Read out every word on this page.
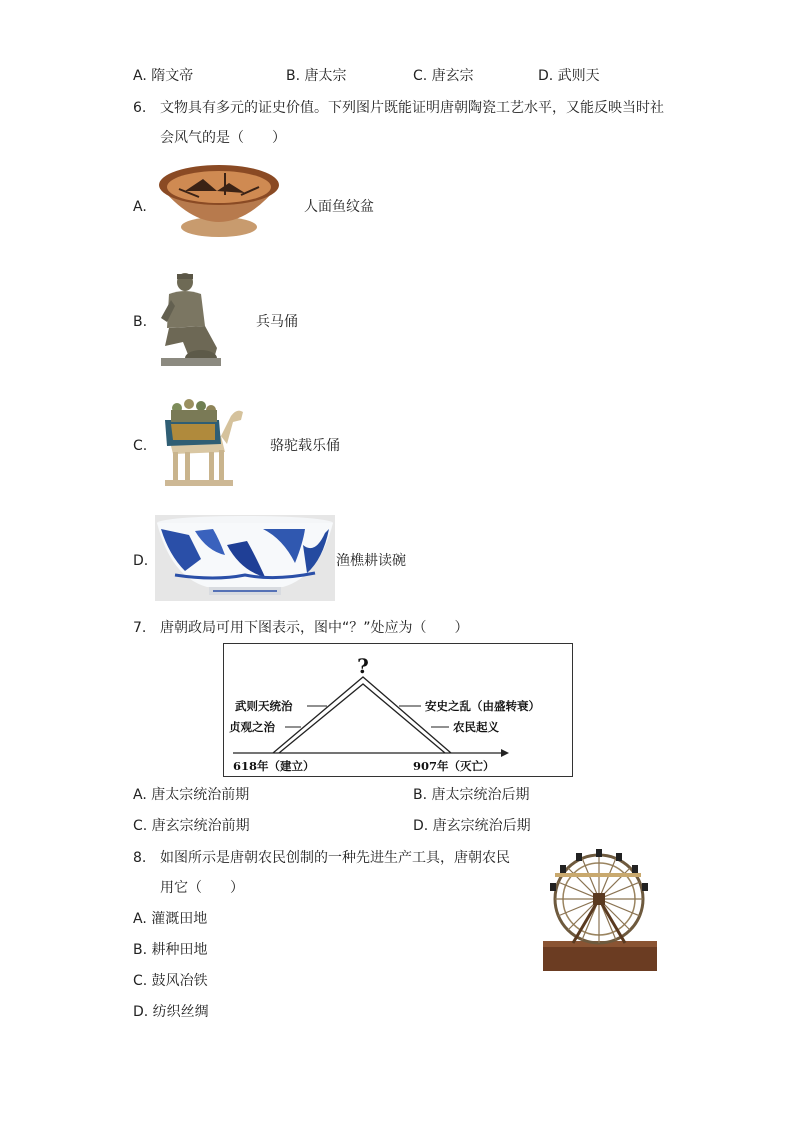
A. 隋文帝	B. 唐太宗	C. 唐玄宗	D. 武则天
6. 文物具有多元的证史价值。下列图片既能证明唐朝陶瓷工艺水平，又能反映当时社
会风气的是（　　）
A.	人面鱼纹盆
B.	兵马俑
C.	骆驼载乐俑
D.	渔樵耕读碗
7. 唐朝政局可用下图表示，图中“？”处应为（　　）
?
武则天统治
贞观之治
安史之乱（由盛转衰）
农民起义
618年（建立）	907年（灭亡）
A. 唐太宗统治前期	B. 唐太宗统治后期
C. 唐玄宗统治前期	D. 唐玄宗统治后期
8. 如图所示是唐朝农民创制的一种先进生产工具，唐朝农民
用它（　　）
A. 灌溉田地
B. 耕种田地
C. 鼓风冶铁
D. 纺织丝绸
